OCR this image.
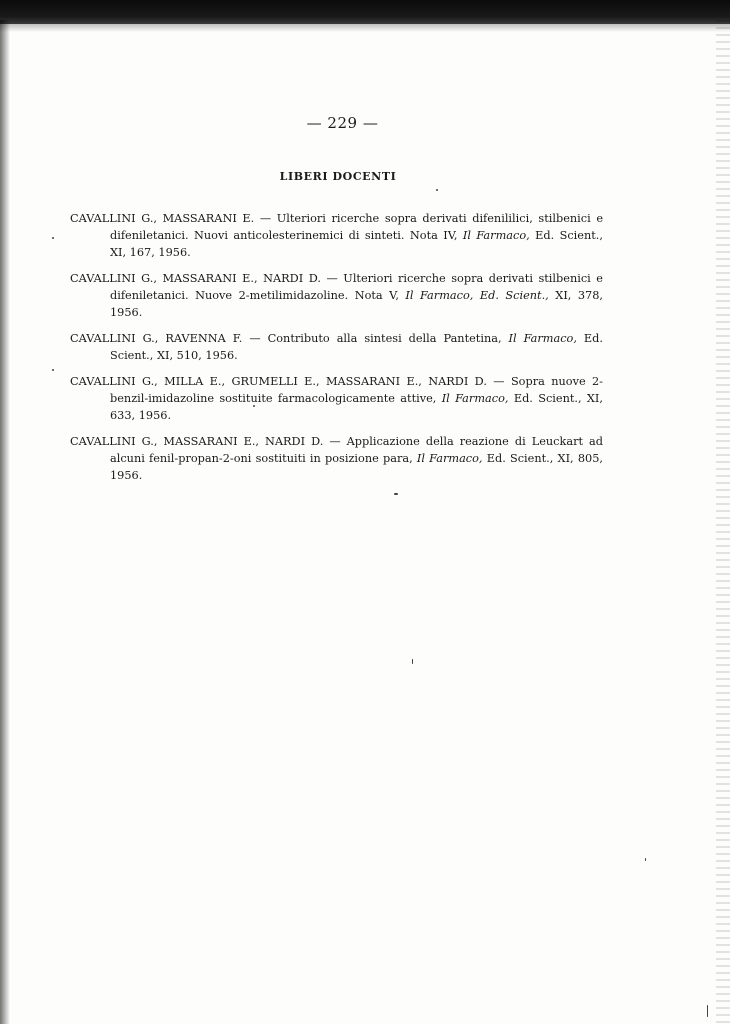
— 229 —
LIBERI DOCENTI
CAVALLINI G., MASSARANI E. — Ulteriori ricerche sopra derivati difenililici, stilbenici e difeniletanici. Nuovi anticolesterinemici di sinteti. Nota IV, Il Farmaco, Ed. Scient., XI, 167, 1956.
CAVALLINI G., MASSARANI E., NARDI D. — Ulteriori ricerche sopra derivati stilbenici e difeniletanici. Nuove 2-metilimidazoline. Nota V, Il Farmaco, Ed. Scient., XI, 378, 1956.
CAVALLINI G., RAVENNA F. — Contributo alla sintesi della Pantetina, Il Farmaco, Ed. Scient., XI, 510, 1956.
CAVALLINI G., MILLA E., GRUMELLI E., MASSARANI E., NARDI D. — Sopra nuove 2-benzil-imidazoline sostituite farmacologicamente attive, Il Farmaco, Ed. Scient., XI, 633, 1956.
CAVALLINI G., MASSARANI E., NARDI D. — Applicazione della reazione di Leuckart ad alcuni fenil-propan-2-oni sostituiti in posizione para, Il Farmaco, Ed. Scient., XI, 805, 1956.
